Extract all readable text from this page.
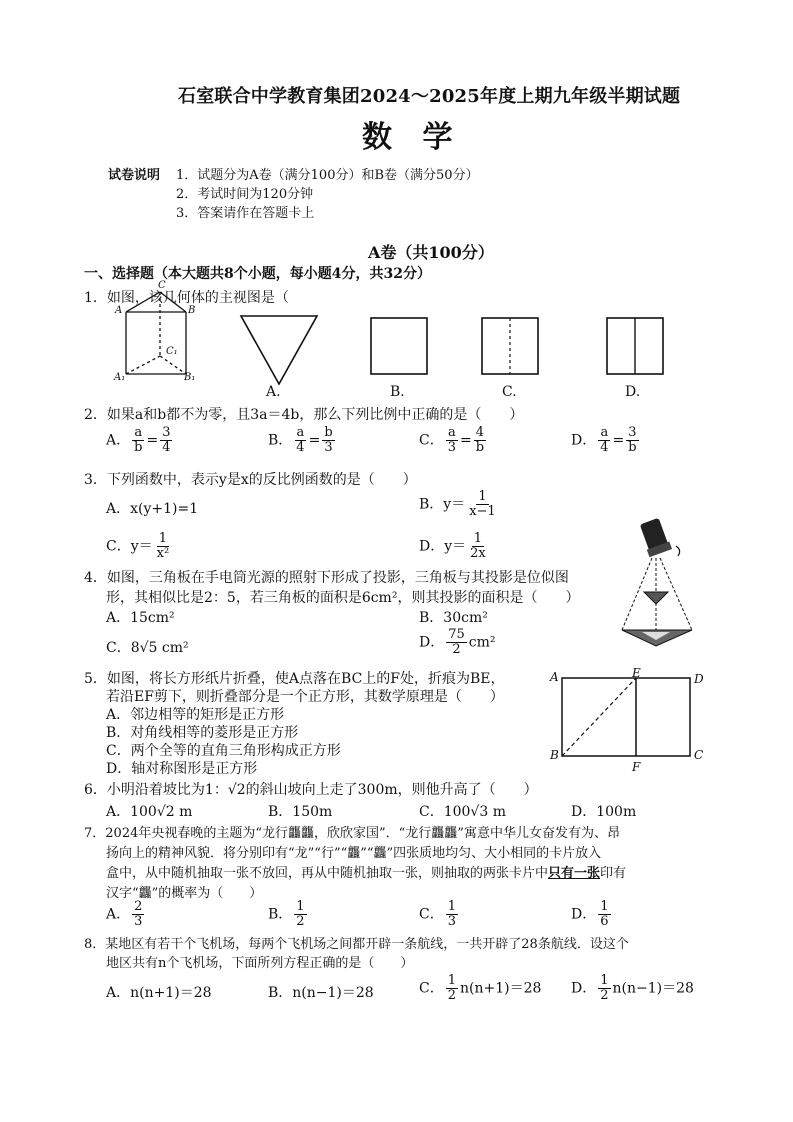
石室联合中学教育集团2024～2025年度上期九年级半期试题
数 学
试卷说明 1．试题分为A卷（满分100分）和B卷（满分50分）
2．考试时间为120分钟
3．答案请作在答题卡上
A卷（共100分）
一、选择题（本大题共8个小题，每小题4分，共32分）
1．如图，该几何体的主视图是（
C
A	B
C₁
A₁	B₁
A.	B.	C.	D.
2．如果a和b都不为零，且3a＝4b，那么下列比例中正确的是（　　）
A． $\frac{a}{b} = \frac{3}{4}$	B． $\frac{a}{4} = \frac{b}{3}$	C． $\frac{a}{3} = \frac{4}{b}$	D． $\frac{a}{4} = \frac{3}{b}$
3．下列函数中，表示y是x的反比例函数的是（　　）
A．x(y+1)=1	B．$y= \frac{1}{x-1}$
C．$y= \frac{1}{\text{x²}}$	D．$y= \frac{1}{2x}$
4．如图，三角板在手电筒光源的照射下形成了投影，三角板与其投影是位似图
形，其相似比是2：5，若三角板的面积是6cm²，则其投影的面积是（　　）
A．15cm²	B．30cm²
C．8√5 cm²	D． $\frac{75}{2} cm^2$
5．如图，将长方形纸片折叠，使A点落在BC上的F处，折痕为BE，
若沿EF剪下，则折叠部分是一个正方形，其数学原理是（　　）
A．邻边相等的矩形是正方形
B．对角线相等的菱形是正方形
C．两个全等的直角三角形构成正方形
D．轴对称图形是正方形
A	E	D
B
F
C
6．小明沿着坡比为1：√2的斜山坡向上走了300m，则他升高了（　　）
A．100√2 m	B．150m	C．100√3 m	D．100m
7．2024年央视春晚的主题为“龙行龘龘，欣欣家国”．“龙行龘龘”寓意中华儿女奋发有为、昂
扬向上的精神风貌．将分别印有“龙”“行”“龘”“龘”四张质地均匀、大小相同的卡片放入
盒中，从中随机抽取一张不放回，再从中随机抽取一张，则抽取的两张卡片中只有一张印有
汉字“龘”的概率为（　　）
A． $\frac{2}{3}$	B． $\frac{1}{2}$	C． $\frac{1}{3}$	D． $\frac{1}{6}$
8．某地区有若干个飞机场，每两个飞机场之间都开辟一条航线，一共开辟了28条航线．设这个
地区共有n个飞机场，下面所列方程正确的是（　　）
A．n(n+1)＝28	B．n(n−1)＝28	C． $\frac{1}{2} n(n+1)=28$ D． $\frac{1}{2} n(n-1)=28$
